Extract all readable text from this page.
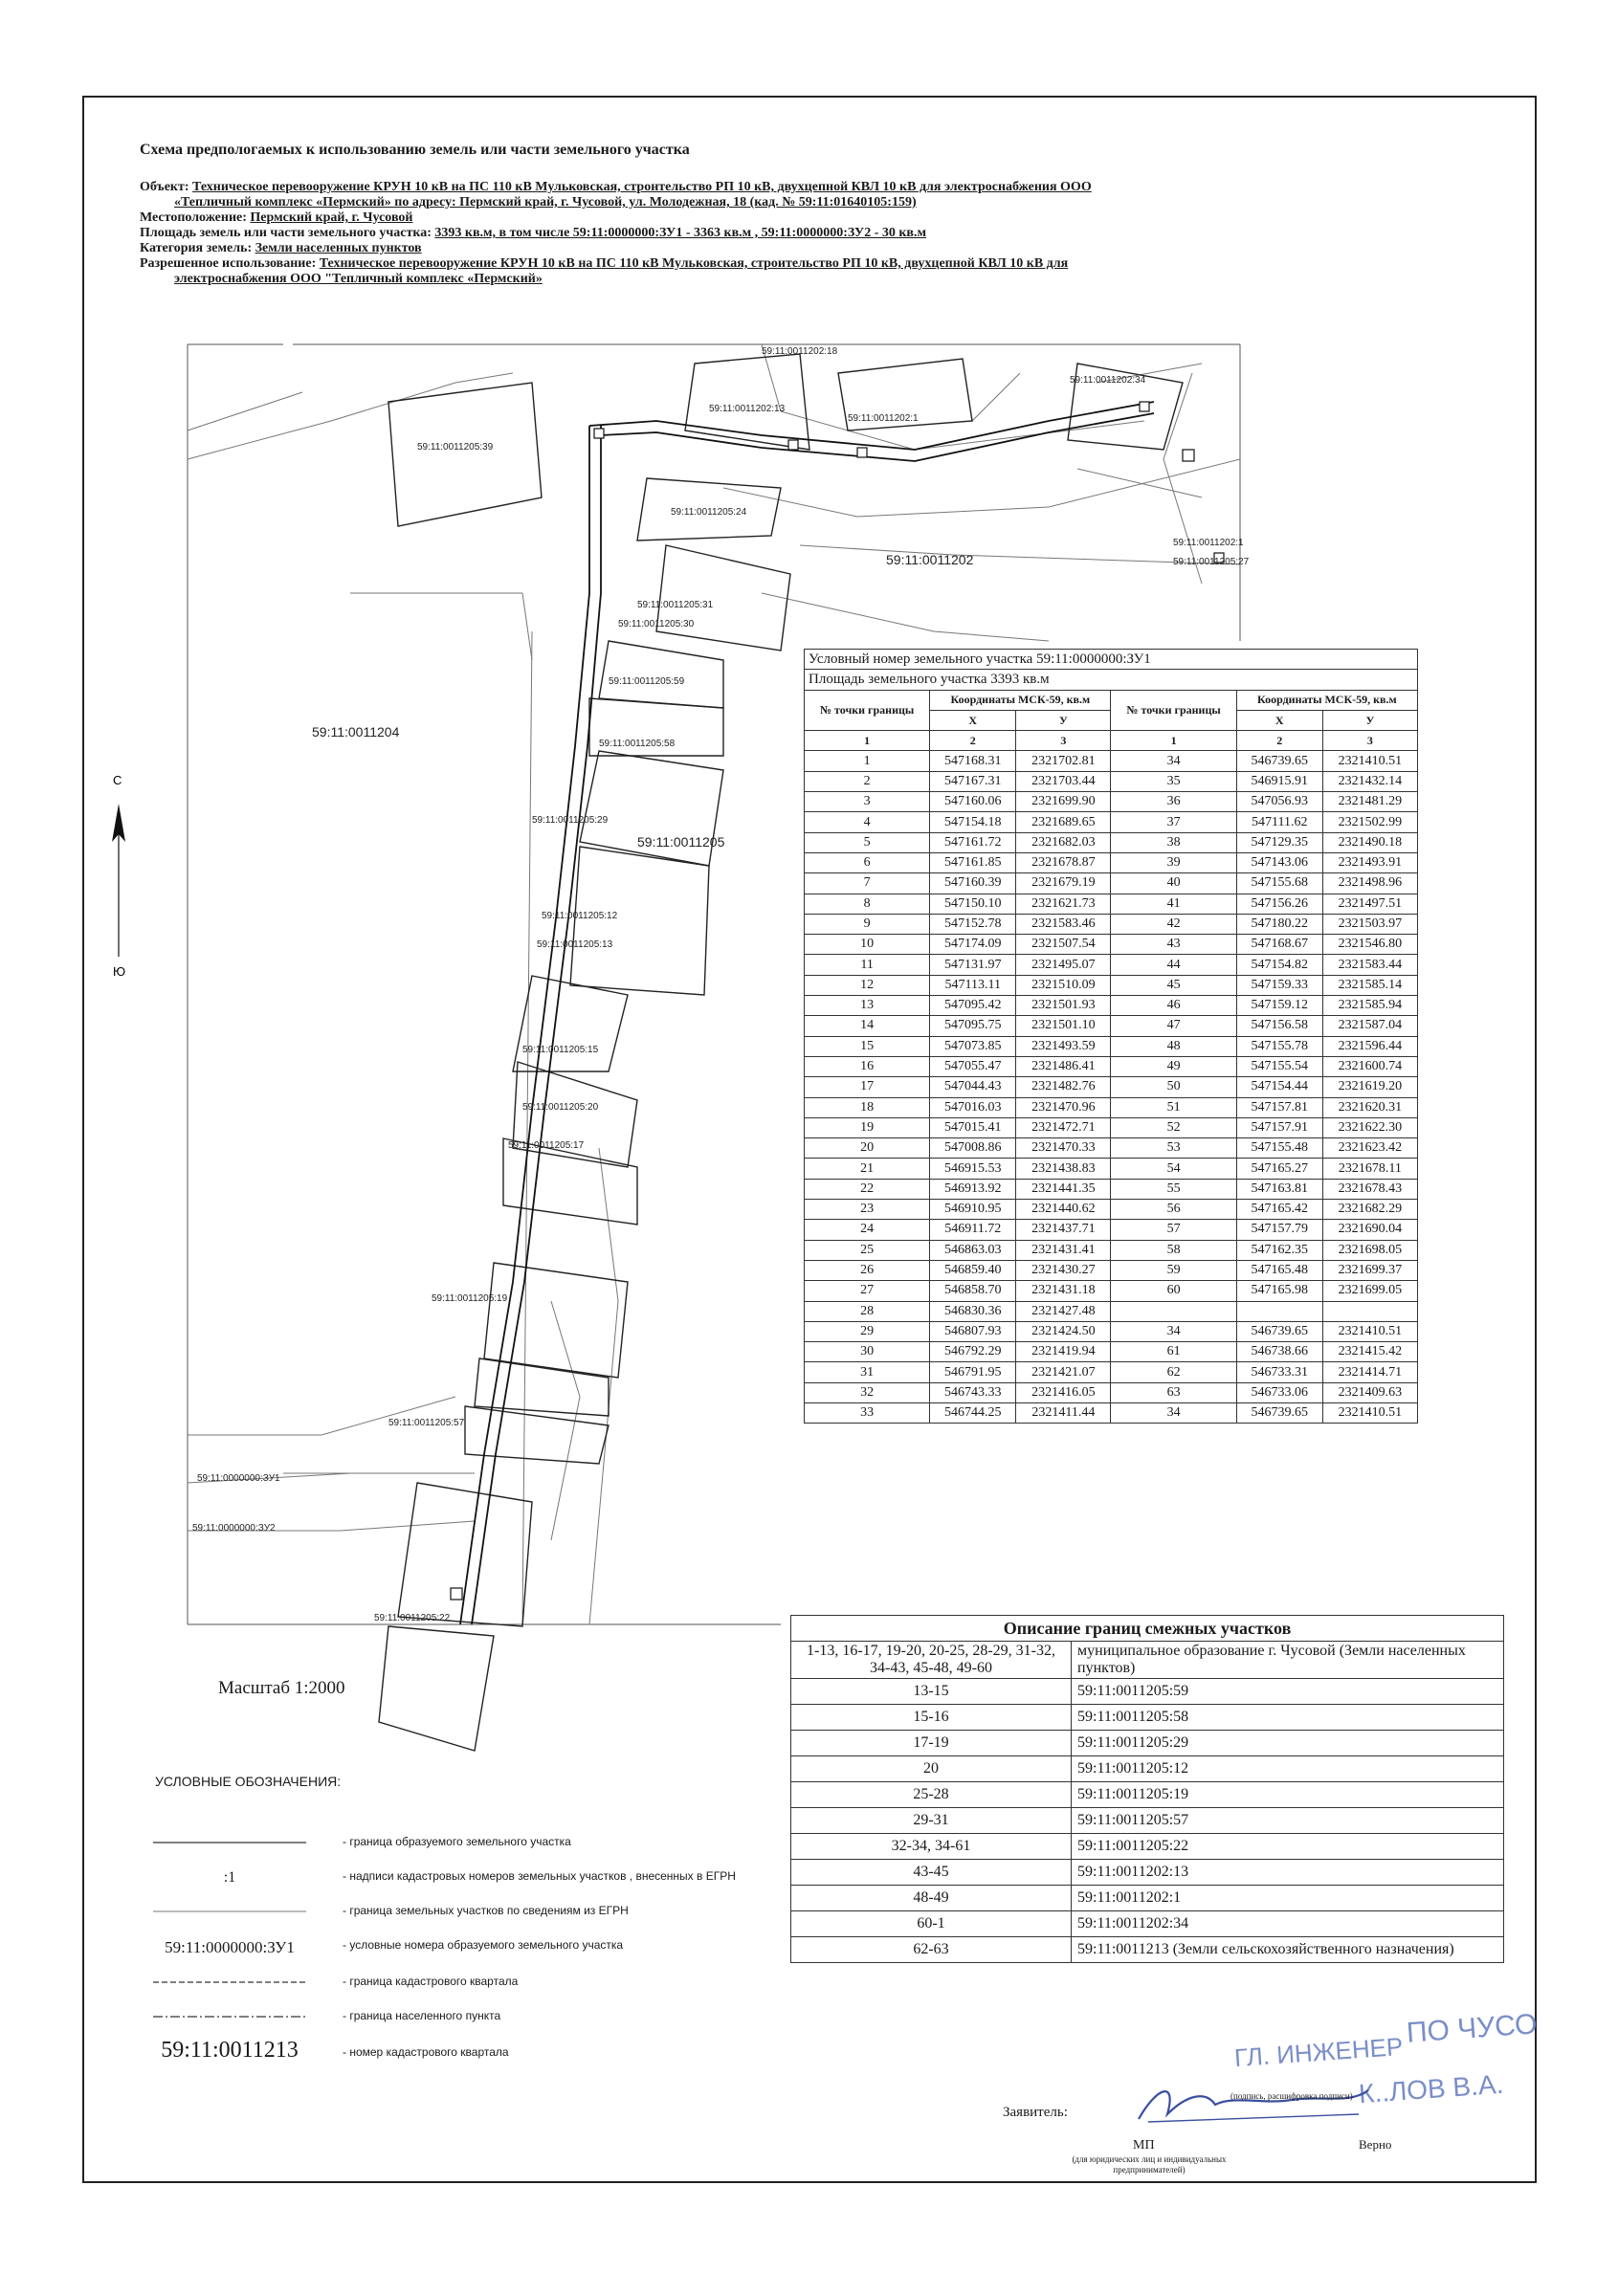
Схема предпологаемых к использованию земель или части земельного участка

Объект: Техническое перевооружение КРУН 10 кВ на ПС 110 кВ Мульковская, стронтельство РП 10 кВ, двухцепной КВЛ 10 кВ для электроснабжения ООО

«Тепличный комплекс «Пермский» по адресу: Пермский край, г. Чусовой, ул. Молодежная, 18 (кад. № 59:11:01640105:159)

Местоположение: Пермский край, г. Чусовой

Площадь земель или части земельного участка: 3393 кв.м, в том числе 59:11:0000000:ЗУ1 - 3363 кв.м , 59:11:0000000:ЗУ2 - 30 кв.м

Категория земель: Земли населенных пунктов

Разрешенное использование: Техническое перевооружение КРУН 10 кВ на ПС 110 кВ Мульковская, строительство РП 10 кВ, двухцепной КВЛ 10 кВ для

электроснабжения ООО "Тепличный комплекс «Пермский»

59:11:0011202:18
59:11:0011202:34
59:11:0011205:39
59:11:0011202:13
59:11:0011202:1
59:11:0011205:24
59:11:0011202
59:11:0011202:1
59:11:0011205:27
59:11:0011205:31
59:11:0011205:30
59:11:0011205:59
59:11:0011205:58
59:11:0011204
59:11:0011205:29
59:11:0011205
59:11:0011205:12
59:11:0011205:13
59:11:0011205:15
59:11:0011205:20
59:11:0011205:17
59:11:0011205:19
59:11:0011205:57
59:11:0000000:ЗУ1
59:11:0000000:ЗУ2
59:11:0011205:22
С
Ю
Условный номер земельного участка 59:11:0000000:ЗУ1					
Площадь земельного участка 3393 кв.м					
№ точки границы	Координаты МСК-59, кв.м		№ точки границы	Координаты МСК-59, кв.м	
	X	У		X	У
1	2	3	1	2	3
1	547168.31	2321702.81	34	546739.65	2321410.51
2	547167.31	2321703.44	35	546915.91	2321432.14
3	547160.06	2321699.90	36	547056.93	2321481.29
4	547154.18	2321689.65	37	547111.62	2321502.99
5	547161.72	2321682.03	38	547129.35	2321490.18
6	547161.85	2321678.87	39	547143.06	2321493.91
7	547160.39	2321679.19	40	547155.68	2321498.96
8	547150.10	2321621.73	41	547156.26	2321497.51
9	547152.78	2321583.46	42	547180.22	2321503.97
10	547174.09	2321507.54	43	547168.67	2321546.80
11	547131.97	2321495.07	44	547154.82	2321583.44
12	547113.11	2321510.09	45	547159.33	2321585.14
13	547095.42	2321501.93	46	547159.12	2321585.94
14	547095.75	2321501.10	47	547156.58	2321587.04
15	547073.85	2321493.59	48	547155.78	2321596.44
16	547055.47	2321486.41	49	547155.54	2321600.74
17	547044.43	2321482.76	50	547154.44	2321619.20
18	547016.03	2321470.96	51	547157.81	2321620.31
19	547015.41	2321472.71	52	547157.91	2321622.30
20	547008.86	2321470.33	53	547155.48	2321623.42
21	546915.53	2321438.83	54	547165.27	2321678.11
22	546913.92	2321441.35	55	547163.81	2321678.43
23	546910.95	2321440.62	56	547165.42	2321682.29
24	546911.72	2321437.71	57	547157.79	2321690.04
25	546863.03	2321431.41	58	547162.35	2321698.05
26	546859.40	2321430.27	59	547165.48	2321699.37
27	546858.70	2321431.18	60	547165.98	2321699.05
28	546830.36	2321427.48			
29	546807.93	2321424.50	34	546739.65	2321410.51
30	546792.29	2321419.94	61	546738.66	2321415.42
31	546791.95	2321421.07	62	546733.31	2321414.71
32	546743.33	2321416.05	63	546733.06	2321409.63
33	546744.25	2321411.44	34	546739.65	2321410.51
Описание границ смежных участков	
1-13, 16-17, 19-20, 20-25, 28-29, 31-32, 34-43, 45-48, 49-60	муниципальное образование г. Чусовой (Земли населенных пунктов)
13-15	59:11:0011205:59
15-16	59:11:0011205:58
17-19	59:11:0011205:29
20	59:11:0011205:12
25-28	59:11:0011205:19
29-31	59:11:0011205:57
32-34, 34-61	59:11:0011205:22
43-45	59:11:0011202:13
48-49	59:11:0011202:1
60-1	59:11:0011202:34
62-63	59:11:0011213 (Земли сельскохозяйственного назначения)
Масштаб 1:2000
УСЛОВНЫЕ ОБОЗНАЧЕНИЯ:
- граница образуемого земельного участка
:1	- надписи кадастровых номеров земельных участков , внесенных в ЕГРН
- граница земельных участков по сведениям из ЕГРН
59:11:0000000:ЗУ1	- условные номера образуемого земельного участка
- граница кадастрового квартала
- граница населенного пункта
59:11:0011213	- номер кадастрового квартала
ПО ЧУСО
ГЛ. ИНЖЕНЕР
К..ЛОВ В.А.
Заявитель:
(подпись, расшифровка подписи)
МП
(для юридических лиц и индивидуальных предпринимателей)
Верно
